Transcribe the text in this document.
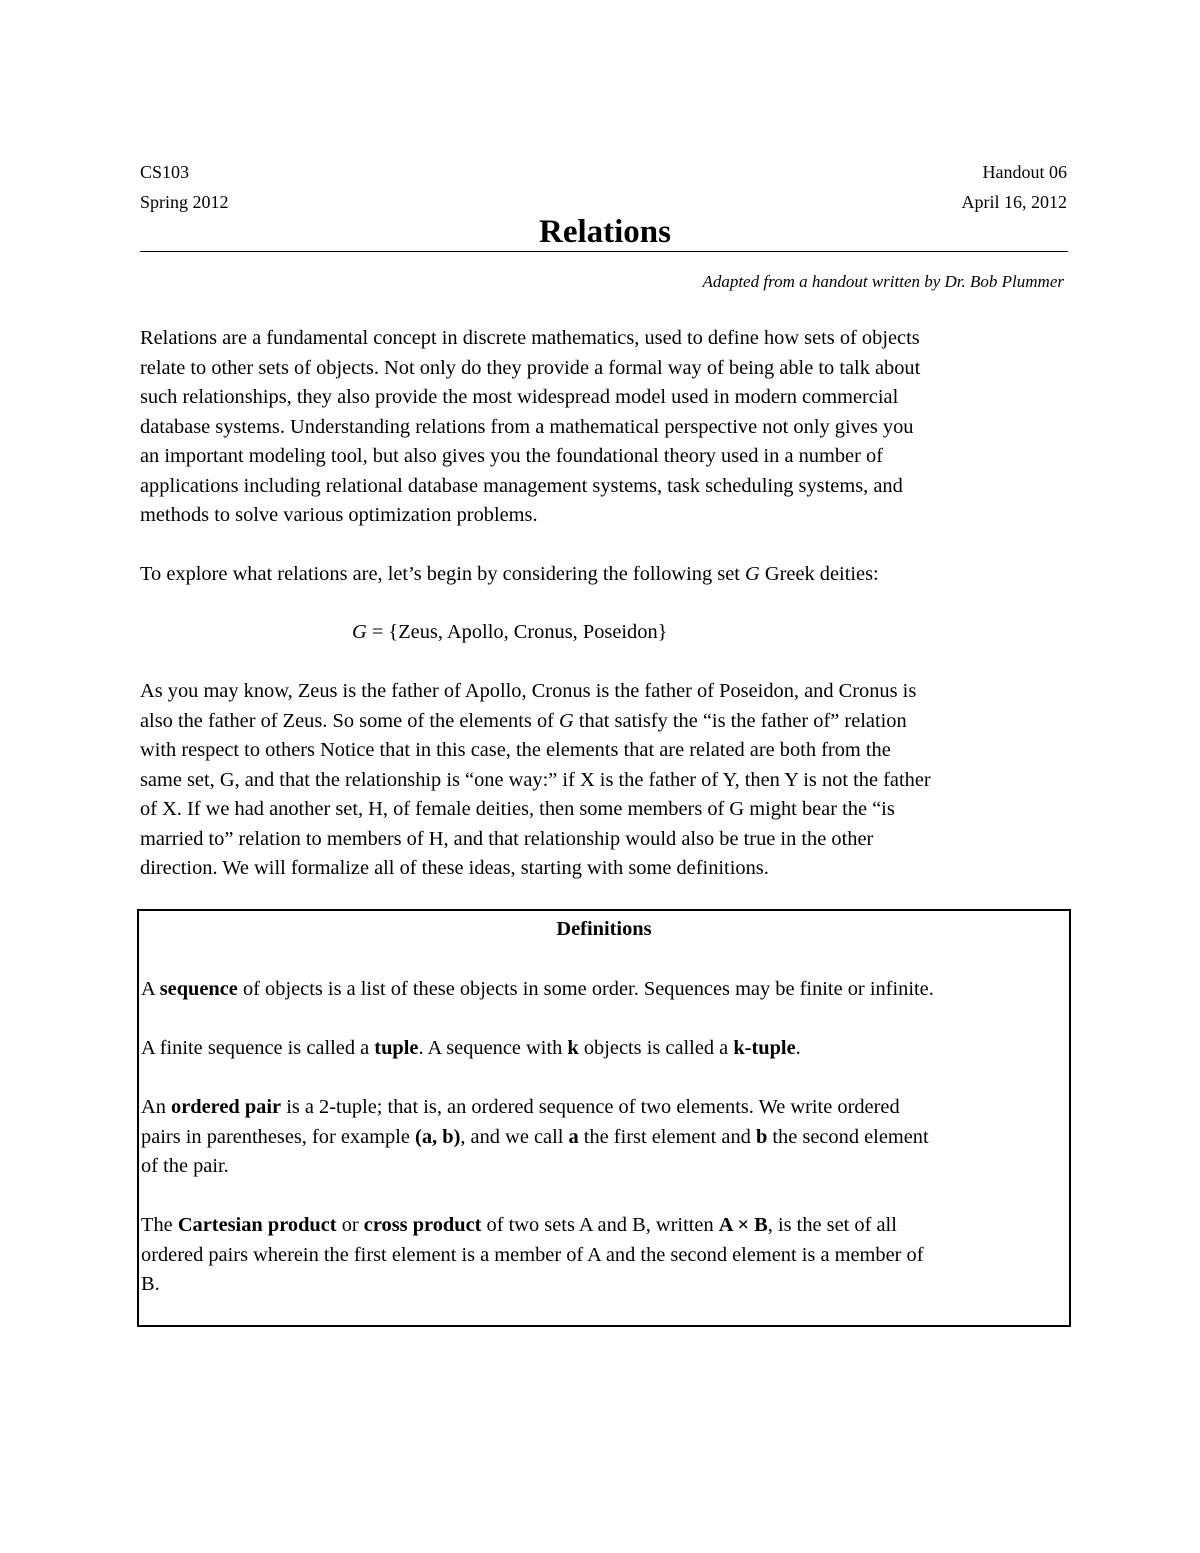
CS103
Spring 2012
Handout 06
April 16, 2012
Relations
Adapted from a handout written by Dr. Bob Plummer
Relations are a fundamental concept in discrete mathematics, used to define how sets of objects
relate to other sets of objects. Not only do they provide a formal way of being able to talk about
such relationships, they also provide the most widespread model used in modern commercial
database systems. Understanding relations from a mathematical perspective not only gives you
an important modeling tool, but also gives you the foundational theory used in a number of
applications including relational database management systems, task scheduling systems, and
methods to solve various optimization problems.
To explore what relations are, let’s begin by considering the following set G Greek deities:
G = {Zeus, Apollo, Cronus, Poseidon}
As you may know, Zeus is the father of Apollo, Cronus is the father of Poseidon, and Cronus is
also the father of Zeus. So some of the elements of G that satisfy the “is the father of” relation
with respect to others Notice that in this case, the elements that are related are both from the
same set, G, and that the relationship is “one way:” if X is the father of Y, then Y is not the father
of X. If we had another set, H, of female deities, then some members of G might bear the “is
married to” relation to members of H, and that relationship would also be true in the other
direction. We will formalize all of these ideas, starting with some definitions.
Definitions
A sequence of objects is a list of these objects in some order. Sequences may be finite or infinite.
A finite sequence is called a tuple. A sequence with k objects is called a k-tuple.
An ordered pair is a 2-tuple; that is, an ordered sequence of two elements. We write ordered
pairs in parentheses, for example (a, b), and we call a the first element and b the second element
of the pair.
The Cartesian product or cross product of two sets A and B, written A × B, is the set of all
ordered pairs wherein the first element is a member of A and the second element is a member of
B.
